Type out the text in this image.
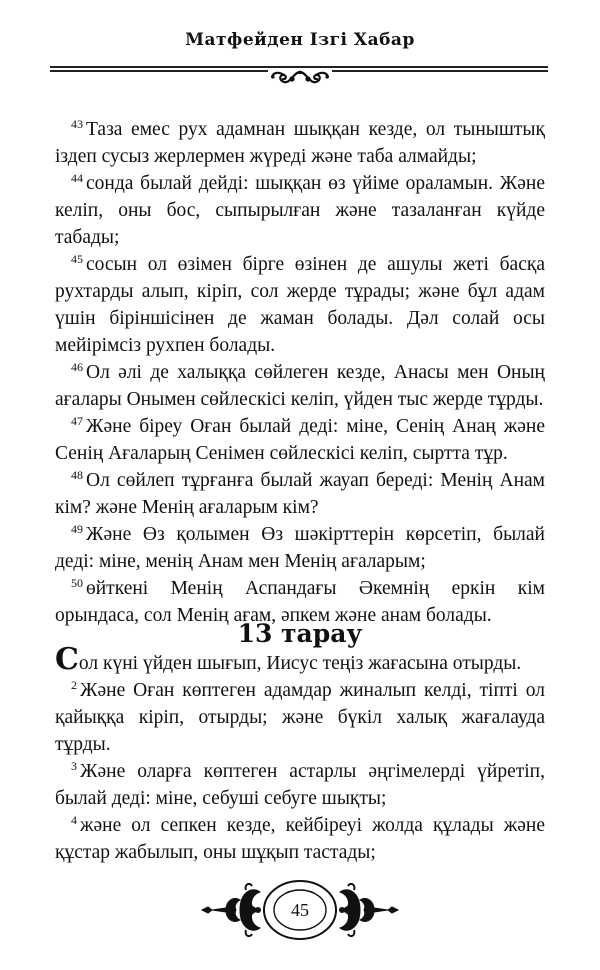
Матфейден Ізгі Хабар

$^{43}$ Таза емес рух адамнан шыққан кезде, ол тыныштық іздеп сусыз жерлермен жүреді және таба алмайды;

$^{44}$ сонда былай дейді: шыққан өз үйіме ораламын. Және келіп, оны бос, сыпырылған және тазаланған күйде табады;

$^{45}$ сосын ол өзімен бірге өзінен де ашулы жеті басқа рухтарды алып, кіріп, сол жерде тұрады; және бұл адам үшін біріншісінен де жаман болады. Дәл солай осы мейірімсіз рухпен болады.

$^{46}$ Ол әлі де халыққа сөйлеген кезде, Анасы мен Оның ағалары Онымен сөйлескісі келіп, үйден тыс жерде тұрды.

$^{47}$ Және біреу Оған былай деді: міне, Сенің Анаң және Сенің Ағаларың Сенімен сөйлескісі келіп, сыртта тұр.

$^{48}$ Ол сөйлеп тұрғанға былай жауап береді: Менің Анам кім? және Менің ағаларым кім?

$^{49}$ Және Өз қолымен Өз шәкірттерін көрсетіп, былай деді: міне, менің Анам мен Менің ағаларым;

$^{50}$ өйткені Менің Аспандағы Әкемнің еркін кім орындаса, сол Менің ағам, әпкем және анам болады.

13 тарау

Сол күні үйден шығып, Иисус теңіз жағасына отырды.

$^2$ Және Оған көптеген адамдар жиналып келді, тіпті ол қайыққа кіріп, отырды; және бүкіл халық жағалауда тұрды.

$^3$ Және оларға көптеген астарлы әңгімелерді үйретіп, былай деді: міне, себуші себуге шықты;

$^4$ және ол сепкен кезде, кейбіреуі жолда құлады және құстар жабылып, оны шұқып тастады;

45
